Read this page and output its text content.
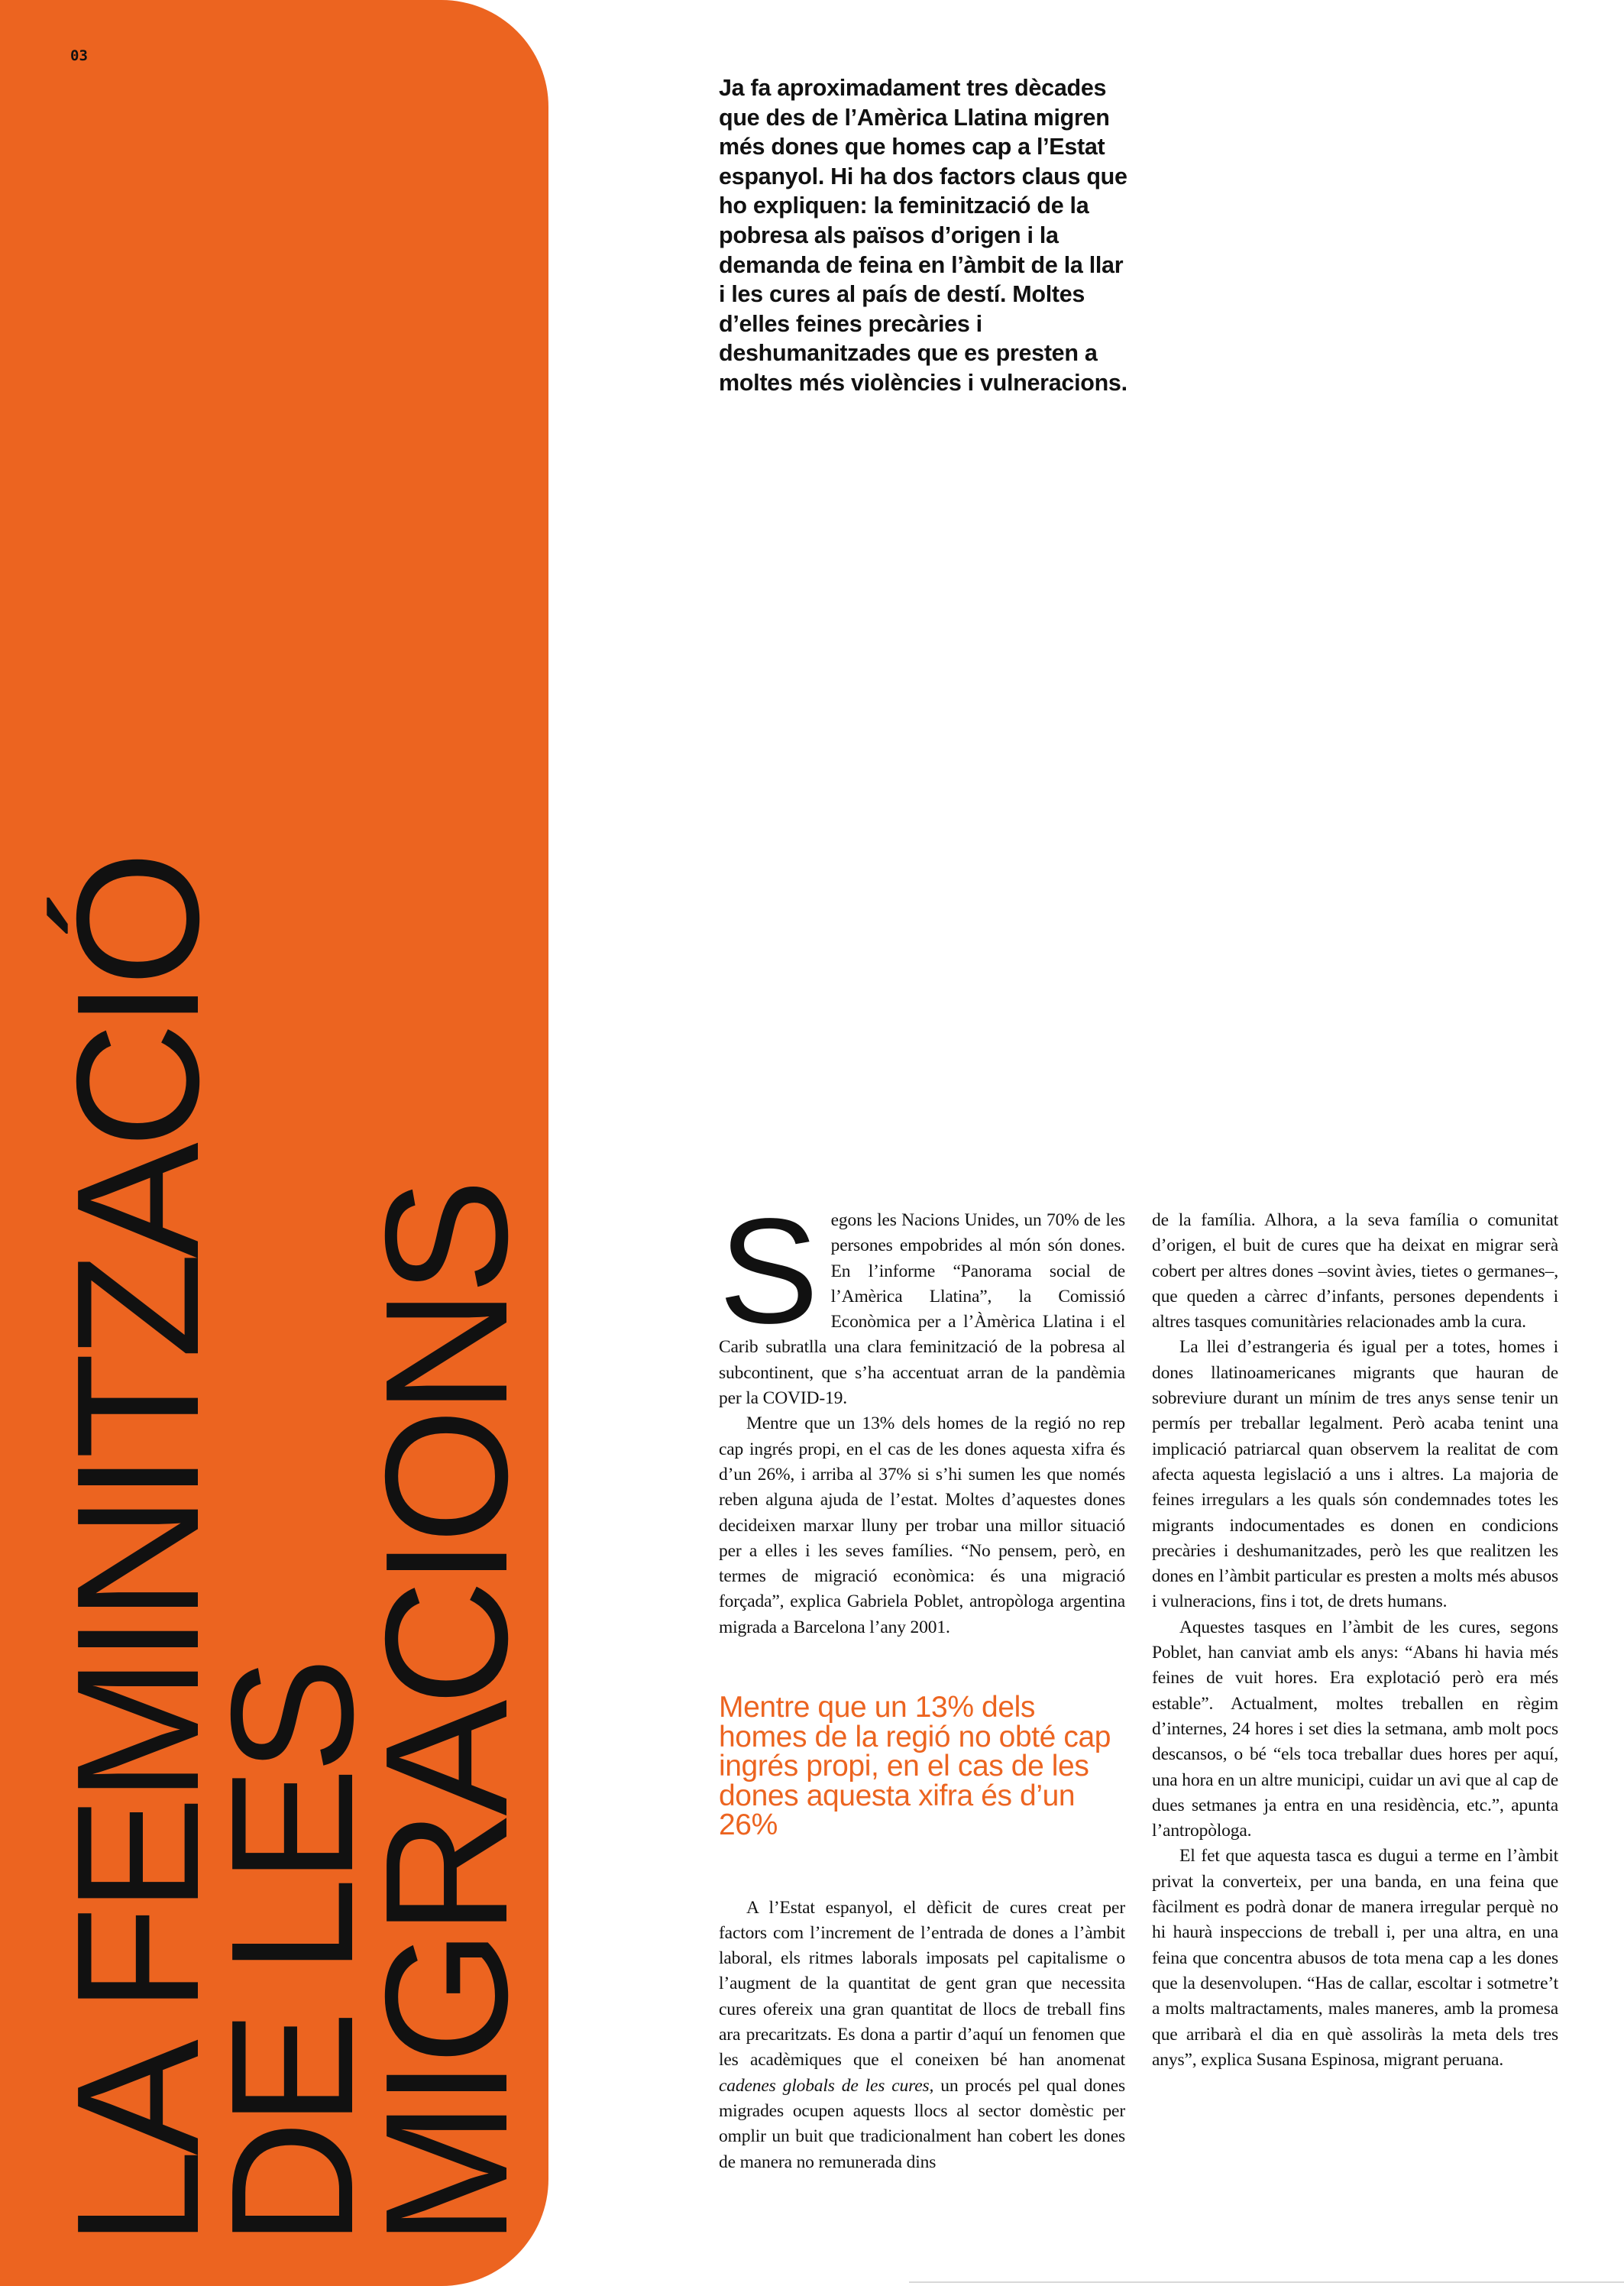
03
LA FEMINITZACIÓ
DE LES
MIGRACIONS
Ja fa aproximadament tres dècades que des de l’Amèrica Llatina migren més dones que homes cap a l’Estat espanyol. Hi ha dos factors claus que ho expliquen: la feminització de la pobresa als països d’origen i la demanda de feina en l’àmbit de la llar i les cures al país de destí. Moltes d’elles feines precàries i deshumanitzades que es presten a moltes més violències i vulneracions.

Segons les Nacions Unides, un 70% de les persones empobrides al món són dones. En l’informe “Panorama social de l’Amèrica Llatina”, la Comissió Econòmica per a l’Àmèrica Llatina i el Carib subratlla una clara feminització de la pobresa al subcontinent, que s’ha accentuat arran de la pandèmia per la COVID-19.

Mentre que un 13% dels homes de la regió no rep cap ingrés propi, en el cas de les dones aquesta xifra és d’un 26%, i arriba al 37% si s’hi sumen les que només reben alguna ajuda de l’estat. Moltes d’aquestes dones decideixen marxar lluny per trobar una millor situació per a elles i les seves famílies. “No pensem, però, en termes de migració econòmica: és una migració forçada”, explica Gabriela Poblet, antropòloga argentina migrada a Barcelona l’any 2001.

Mentre que un 13% dels homes de la regió no obté cap ingrés propi, en el cas de les dones aquesta xifra és d’un 26%

A l’Estat espanyol, el dèficit de cures creat per factors com l’increment de l’entrada de dones a l’àmbit laboral, els ritmes laborals imposats pel capitalisme o l’augment de la quantitat de gent gran que necessita cures ofereix una gran quantitat de llocs de treball fins ara precaritzats. Es dona a partir d’aquí un fenomen que les acadèmiques que el coneixen bé han anomenat cadenes globals de les cures, un procés pel qual dones migrades ocupen aquests llocs al sector domèstic per omplir un buit que tradicionalment han cobert les dones de manera no remunerada dins

de la família. Alhora, a la seva família o comunitat d’origen, el buit de cures que ha deixat en migrar serà cobert per altres dones –sovint àvies, tietes o germanes–, que queden a càrrec d’infants, persones dependents i altres tasques comunitàries relacionades amb la cura.

La llei d’estrangeria és igual per a totes, homes i dones llatinoamericanes migrants que hauran de sobreviure durant un mínim de tres anys sense tenir un permís per treballar legalment. Però acaba tenint una implicació patriarcal quan observem la realitat de com afecta aquesta legislació a uns i altres. La majoria de feines irregulars a les quals són condemnades totes les migrants indocumentades es donen en condicions precàries i deshumanitzades, però les que realitzen les dones en l’àmbit particular es presten a molts més abusos i vulneracions, fins i tot, de drets humans.

Aquestes tasques en l’àmbit de les cures, segons Poblet, han canviat amb els anys: “Abans hi havia més feines de vuit hores. Era explotació però era més estable”. Actualment, moltes treballen en règim d’internes, 24 hores i set dies la setmana, amb molt pocs descansos, o bé “els toca treballar dues hores per aquí, una hora en un altre municipi, cuidar un avi que al cap de dues setmanes ja entra en una residència, etc.”, apunta l’antropòloga.

El fet que aquesta tasca es dugui a terme en l’àmbit privat la converteix, per una banda, en una feina que fàcilment es podrà donar de manera irregular perquè no hi haurà inspeccions de treball i, per una altra, en una feina que concentra abusos de tota mena cap a les dones que la desenvolupen. “Has de callar, escoltar i sotmetre’t a molts maltractaments, males maneres, amb la promesa que arribarà el dia en què assoliràs la meta dels tres anys”, explica Susana Espinosa, migrant peruana.
